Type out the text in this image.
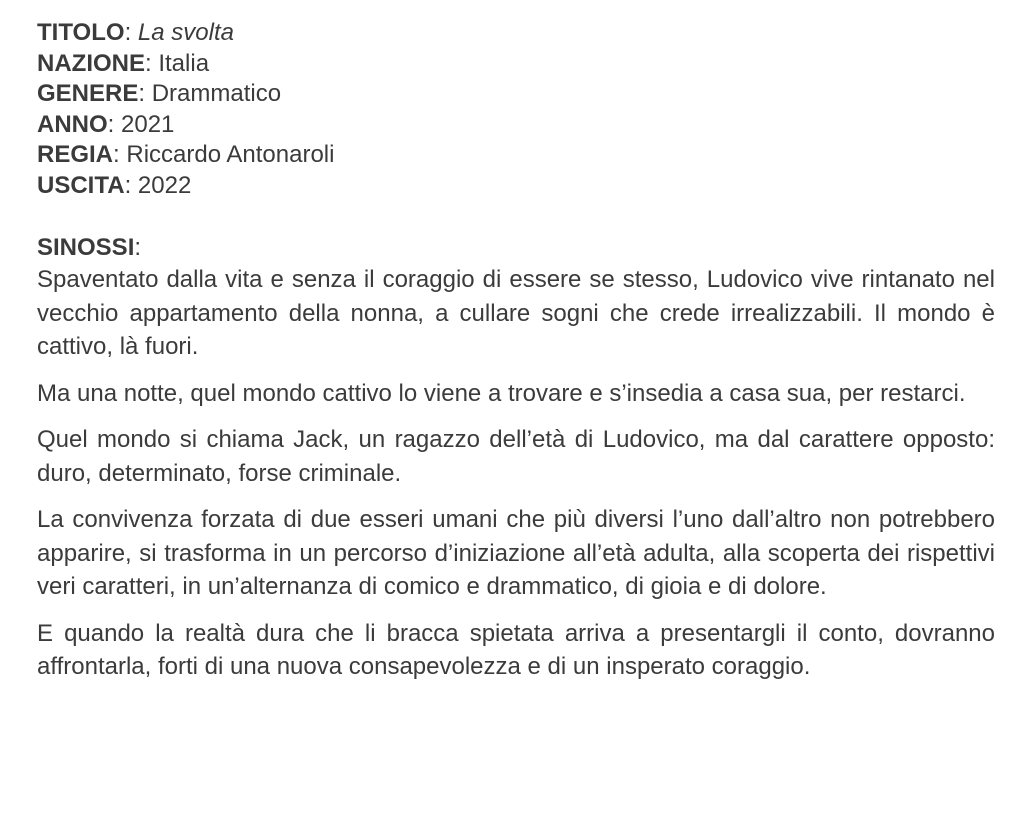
TITOLO: La svolta
NAZIONE: Italia
GENERE: Drammatico
ANNO: 2021
REGIA: Riccardo Antonaroli
USCITA: 2022
SINOSSI:

Spaventato dalla vita e senza il coraggio di essere se stesso, Ludovico vive rintanato nel vecchio appartamento della nonna, a cullare sogni che crede irrealizzabili. Il mondo è cattivo, là fuori.

Ma una notte, quel mondo cattivo lo viene a trovare e s’insedia a casa sua, per restarci.

Quel mondo si chiama Jack, un ragazzo dell’età di Ludovico, ma dal carattere opposto: duro, determinato, forse criminale.

La convivenza forzata di due esseri umani che più diversi l’uno dall’altro non potrebbero apparire, si trasforma in un percorso d’iniziazione all’età adulta, alla scoperta dei rispettivi veri caratteri, in un’alternanza di comico e drammatico, di gioia e di dolore.

E quando la realtà dura che li bracca spietata arriva a presentargli il conto, dovranno affrontarla, forti di una nuova consapevolezza e di un insperato coraggio.
